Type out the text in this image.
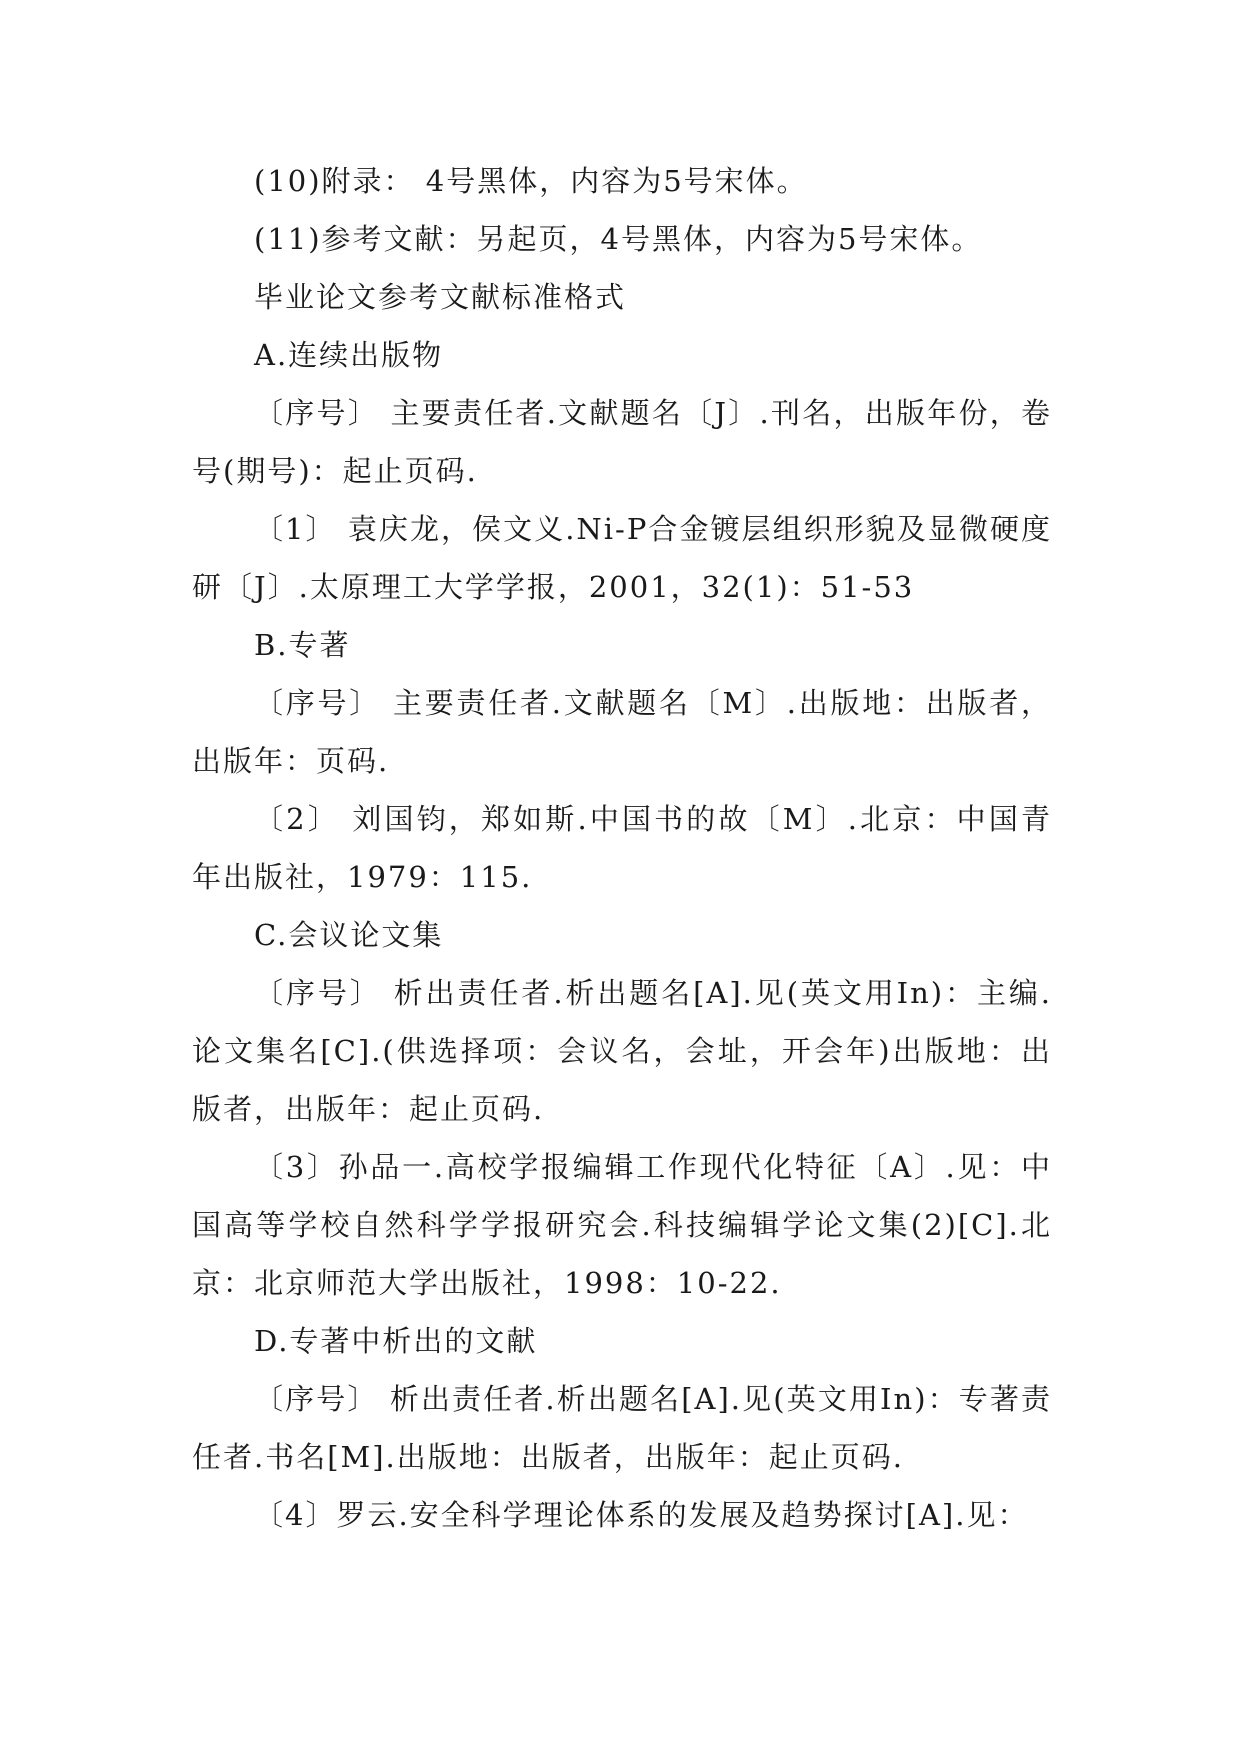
(10)附录： 4号黑体，内容为5号宋体。

(11)参考文献：另起页，4号黑体，内容为5号宋体。

毕业论文参考文献标准格式

A.连续出版物

〔序号〕 主要责任者.文献题名〔J〕.刊名，出版年份，卷号(期号)：起止页码.

〔1〕 袁庆龙，侯文义.Ni-P合金镀层组织形貌及显微硬度研〔J〕.太原理工大学学报，2001，32(1)：51-53

B.专著

〔序号〕 主要责任者.文献题名〔M〕.出版地：出版者，出版年：页码.

〔2〕 刘国钧，郑如斯.中国书的故〔M〕.北京：中国青年出版社，1979：115.

C.会议论文集

〔序号〕 析出责任者.析出题名[A].见(英文用In)：主编.论文集名[C].(供选择项：会议名，会址，开会年)出版地：出版者，出版年：起止页码.

〔3〕孙品一.高校学报编辑工作现代化特征〔A〕.见：中国高等学校自然科学学报研究会.科技编辑学论文集(2)[C].北京：北京师范大学出版社，1998：10-22.

D.专著中析出的文献

〔序号〕 析出责任者.析出题名[A].见(英文用In)：专著责任者.书名[M].出版地：出版者，出版年：起止页码.

〔4〕罗云.安全科学理论体系的发展及趋势探讨[A].见：
